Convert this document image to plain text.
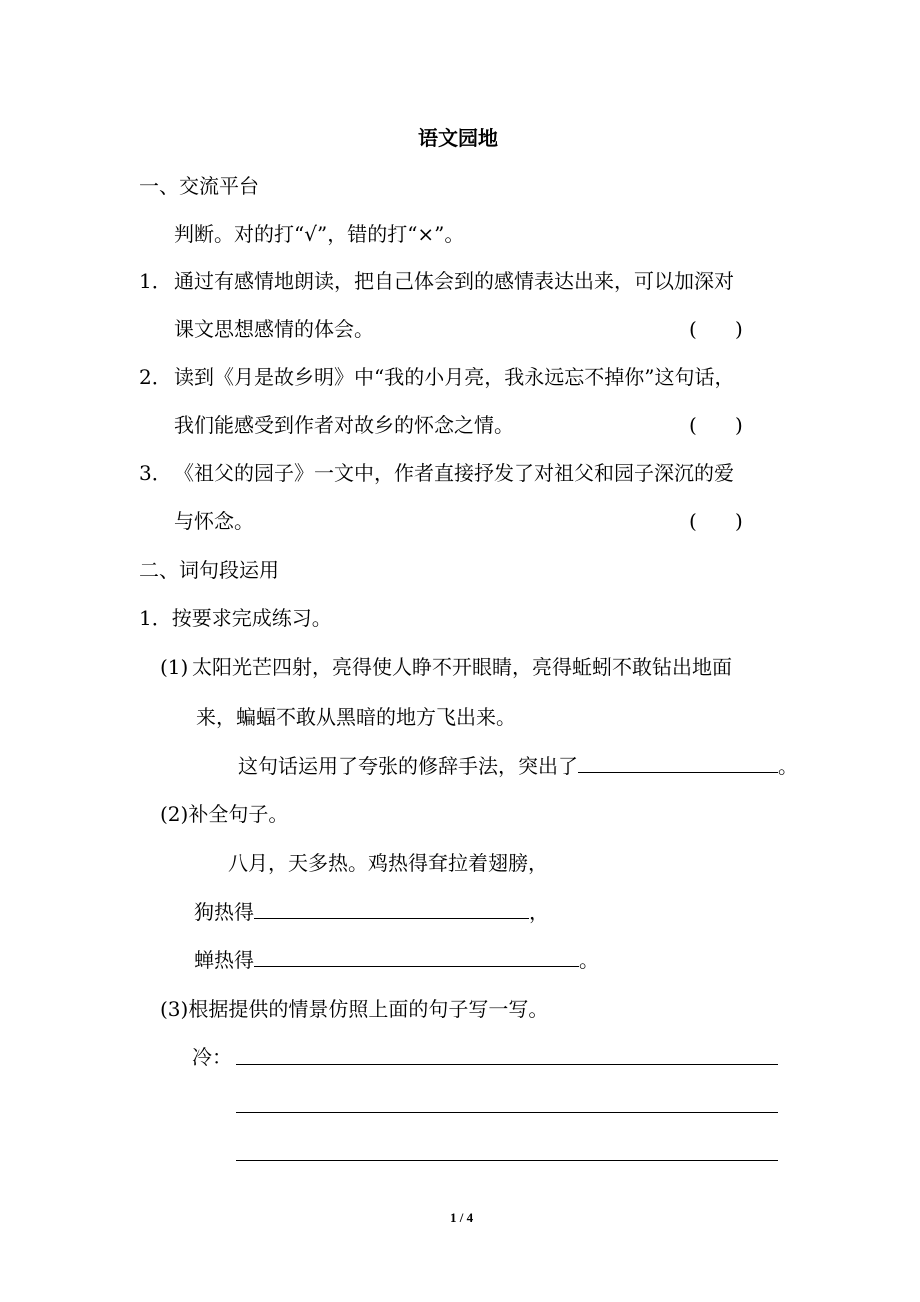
语文园地
一、交流平台
判断。对的打“√”，错的打“×”。
1． 通过有感情地朗读，把自己体会到的感情表达出来，可以加深对
课文思想感情的体会。	(      )
2． 读到《月是故乡明》中“我的小月亮，我永远忘不掉你”这句话，
我们能感受到作者对故乡的怀念之情。	(      )
3． 《祖父的园子》一文中，作者直接抒发了对祖父和园子深沉的爱
与怀念。	(      )
二、词句段运用
1．按要求完成练习。
(1) 太阳光芒四射，亮得使人睁不开眼睛，亮得蚯蚓不敢钻出地面
来，蝙蝠不敢从黑暗的地方飞出来。
这句话运用了夸张的修辞手法，突出了	。
(2)补全句子。
八月，天多热。鸡热得耷拉着翅膀，
狗热得	，
蝉热得	。
(3)根据提供的情景仿照上面的句子写一写。
冷：
1 / 4
